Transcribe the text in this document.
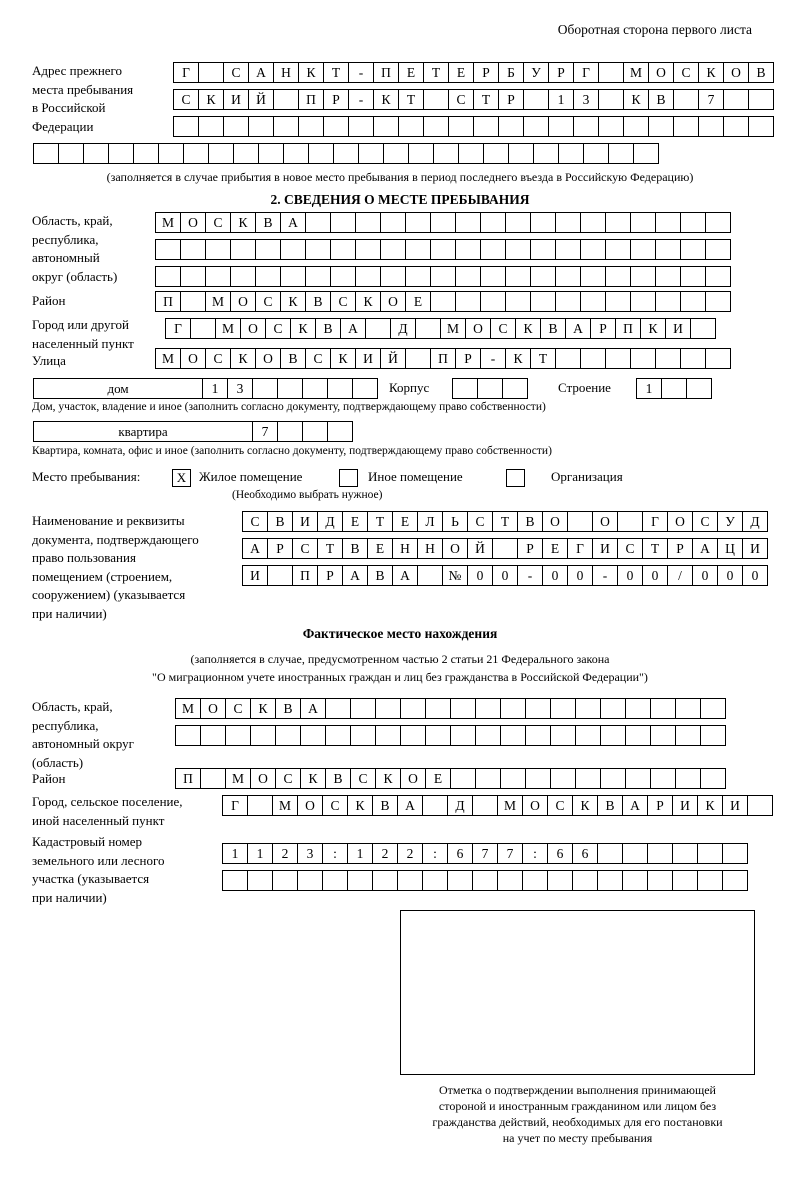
Оборотная сторона первого листа
Адрес прежнего
места пребывания
в Российской
Федерации
Г	С	А	Н	К	Т	-	П	Е	Т	Е	Р	Б	У	Р	Г	М	О	С	К	О	В
С	К	И	Й	П	Р	-	К	Т	С	Т	Р	1	3	К	В	7
(заполняется в случае прибытия в новое место пребывания в период последнего въезда в Российскую Федерацию)
2. СВЕДЕНИЯ О МЕСТЕ ПРЕБЫВАНИЯ
Область, край,
республика,
автономный
округ (область)
М	О	С	К	В	А
Район	П	М	О	С	К	В	С	К	О	Е
Город или другой
населенный пункт
Г	М	О	С	К	В	А	Д	М	О	С	К	В	А	Р	П	К	И
Улица	М	О	С	К	О	В	С	К	И	Й	П	Р	-	К	Т
дом	1	3	Корпус	Строение	1
Дом, участок, владение и иное (заполнить согласно документу, подтверждающему право собственности)
квартира	7
Квартира, комната, офис и иное (заполнить согласно документу, подтверждающему право собственности)
Место пребывания:	Х Жилое помещение	Иное помещение	Организация
(Необходимо выбрать нужное)
Наименование и реквизиты
документа, подтверждающего
право пользования
помещением (строением,
сооружением) (указывается
при наличии)
С	В	И	Д	Е	Т	Е	Л	Ь	С	Т	В	О	О	Г	О	С	У	Д
А	Р	С	Т	В	Е	Н	Н	О	Й	Р	Е	Г	И	С	Т	Р	А	Ц	И
И	П	Р	А	В	А	№	0	0	-	0	0	-	0	0	/	0	0	0
Фактическое место нахождения
(заполняется в случае, предусмотренном частью 2 статьи 21 Федерального закона
"О миграционном учете иностранных граждан и лиц без гражданства в Российской Федерации")
Область, край,
республика,
автономный округ
(область)
М	О	С	К	В	А
Район	П	М	О	С	К	В	С	К	О	Е
Город, сельское поселение,
иной населенный пункт
Г	М	О	С	К	В	А	Д	М	О	С	К	В	А	Р	И	К	И
Кадастровый номер
земельного или лесного
участка (указывается
при наличии)
1	1	2	3	:	1	2	2	:	6	7	7	:	6	6
Отметка о подтверждении выполнения принимающей
стороной и иностранным гражданином или лицом без
гражданства действий, необходимых для его постановки
на учет по месту пребывания
